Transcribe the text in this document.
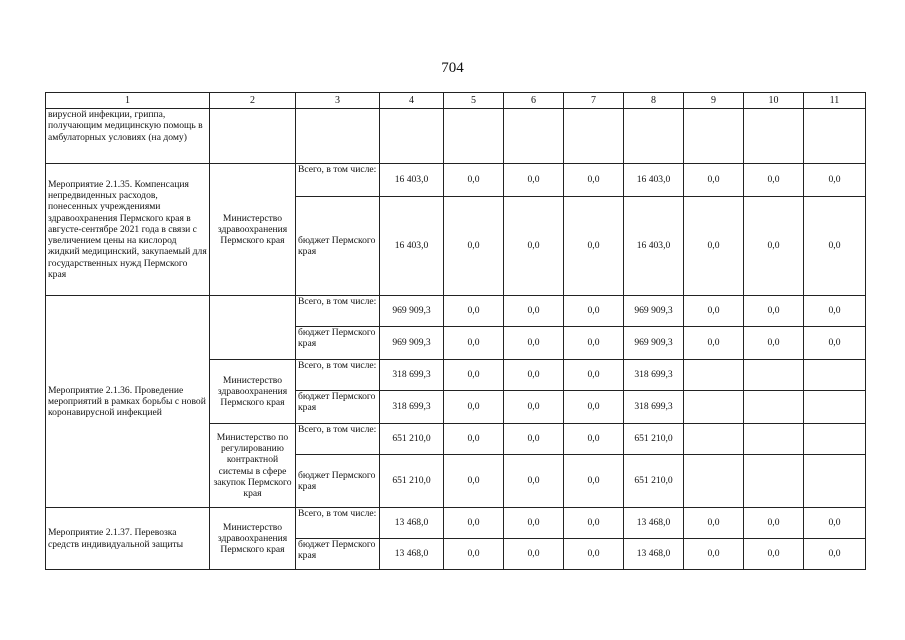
704
1	2	3	4	5	6	7	8	9	10	11
вирусной инфекции, гриппа, получающим медицинскую помощь в амбулаторных условиях (на дому)										
Мероприятие 2.1.35. Компенсация непредвиденных расходов, понесенных учреждениями здравоохранения Пермского края в августе-сентябре 2021 года в связи с увеличением цены на кислород жидкий медицинский, закупаемый для государственных нужд Пермского края	Министерство здравоохранения Пермского края	Всего, в том числе:	16 403,0	0,0	0,0	0,0	16 403,0	0,0	0,0	0,0
		бюджет Пермского края	16 403,0	0,0	0,0	0,0	16 403,0	0,0	0,0	0,0
Мероприятие 2.1.36. Проведение мероприятий в рамках борьбы с новой коронавирусной инфекцией		Всего, в том числе:	969 909,3	0,0	0,0	0,0	969 909,3	0,0	0,0	0,0
		бюджет Пермского края	969 909,3	0,0	0,0	0,0	969 909,3	0,0	0,0	0,0
	Министерство здравоохранения Пермского края	Всего, в том числе:	318 699,3	0,0	0,0	0,0	318 699,3			
		бюджет Пермского края	318 699,3	0,0	0,0	0,0	318 699,3			
	Министерство по регулированию контрактной системы в сфере закупок Пермского края	Всего, в том числе:	651 210,0	0,0	0,0	0,0	651 210,0			
		бюджет Пермского края	651 210,0	0,0	0,0	0,0	651 210,0			
Мероприятие 2.1.37. Перевозка средств индивидуальной защиты	Министерство здравоохранения Пермского края	Всего, в том числе:	13 468,0	0,0	0,0	0,0	13 468,0	0,0	0,0	0,0
		бюджет Пермского края	13 468,0	0,0	0,0	0,0	13 468,0	0,0	0,0	0,0
